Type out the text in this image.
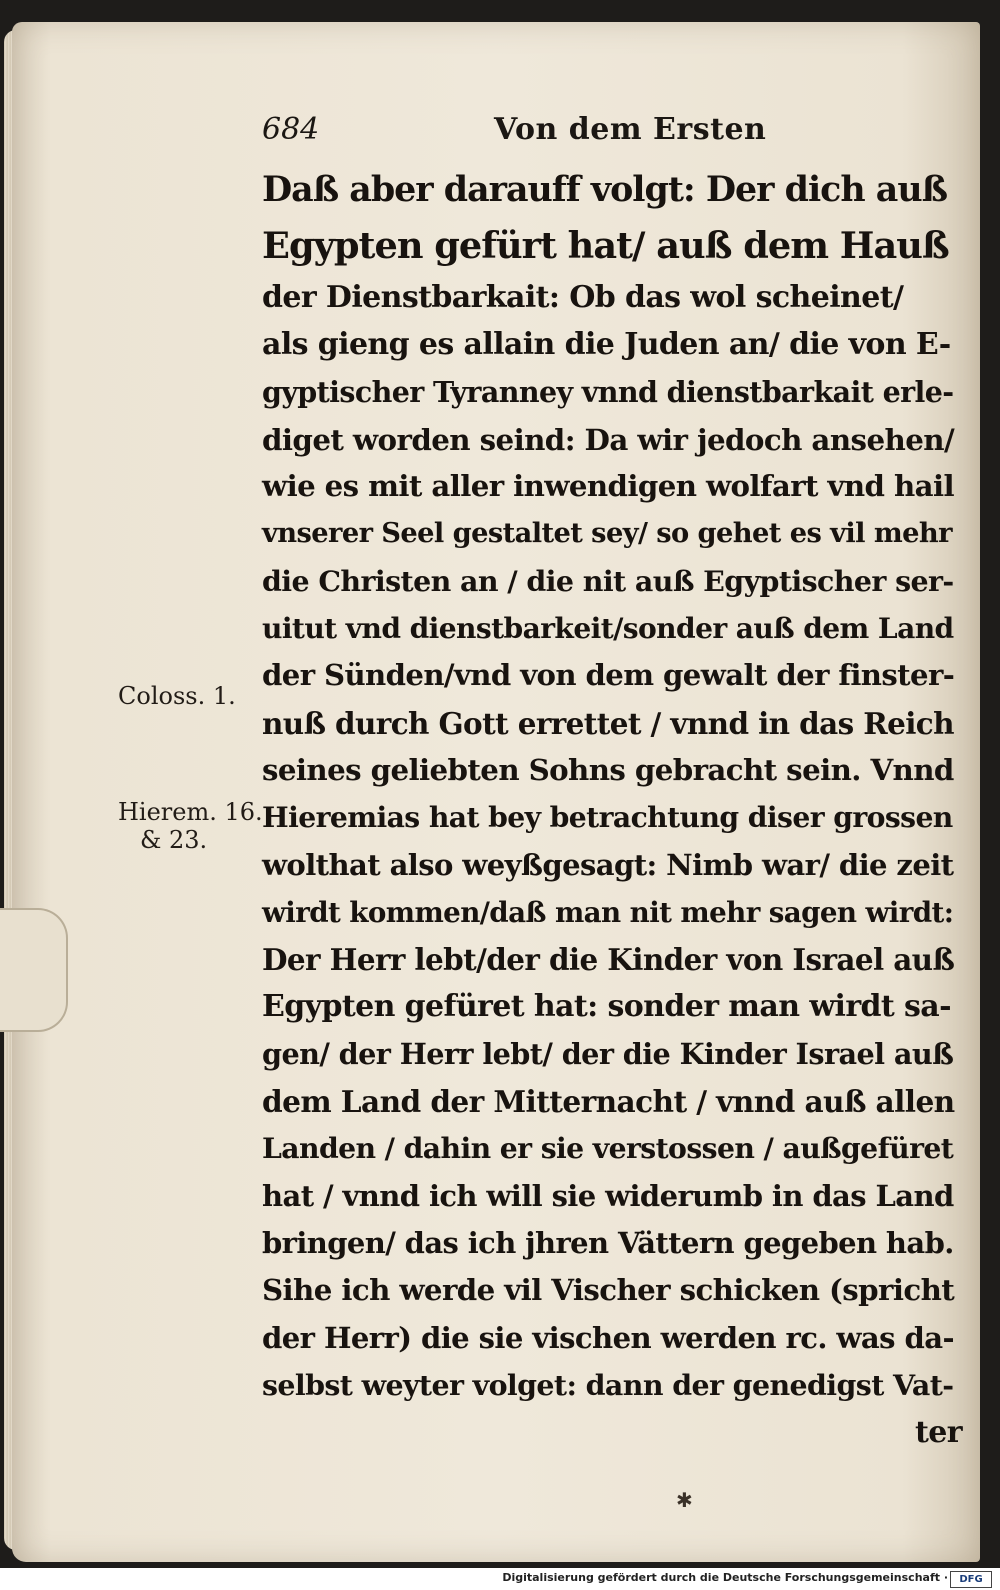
684	Von dem Ersten
Daß aber darauff volgt: Der dich auß
Egypten gefürt hat/ auß dem Hauß
der Dienstbarkait: Ob das wol scheinet/
als gieng es allain die Juden an/ die von E-
gyptischer Tyranney vnnd dienstbarkait erle-
diget worden seind: Da wir jedoch ansehen/
wie es mit aller inwendigen wolfart vnd hail
vnserer Seel gestaltet sey/ so gehet es vil mehr
die Christen an / die nit auß Egyptischer ser-
uitut vnd dienstbarkeit/sonder auß dem Land
der Sünden/vnd von dem gewalt der finster-
nuß durch Gott errettet / vnnd in das Reich
seines geliebten Sohns gebracht sein. Vnnd
Hieremias hat bey betrachtung diser grossen
wolthat also weyßgesagt: Nimb war/ die zeit
wirdt kommen/daß man nit mehr sagen wirdt:
Der Herr lebt/der die Kinder von Israel auß
Egypten gefüret hat: sonder man wirdt sa-
gen/ der Herr lebt/ der die Kinder Israel auß
dem Land der Mitternacht / vnnd auß allen
Landen / dahin er sie verstossen / außgefüret
hat / vnnd ich will sie widerumb in das Land
bringen/ das ich jhren Vättern gegeben hab.
Sihe ich werde vil Vischer schicken (spricht
der Herr) die sie vischen werden rc. was da-
selbst weyter volget: dann der genedigst Vat-
ter
Coloss. 1.
Hierem. 16.
& 23.
✱
Digitalisierung gefördert durch die Deutsche Forschungsgemeinschaft ·	DFG
